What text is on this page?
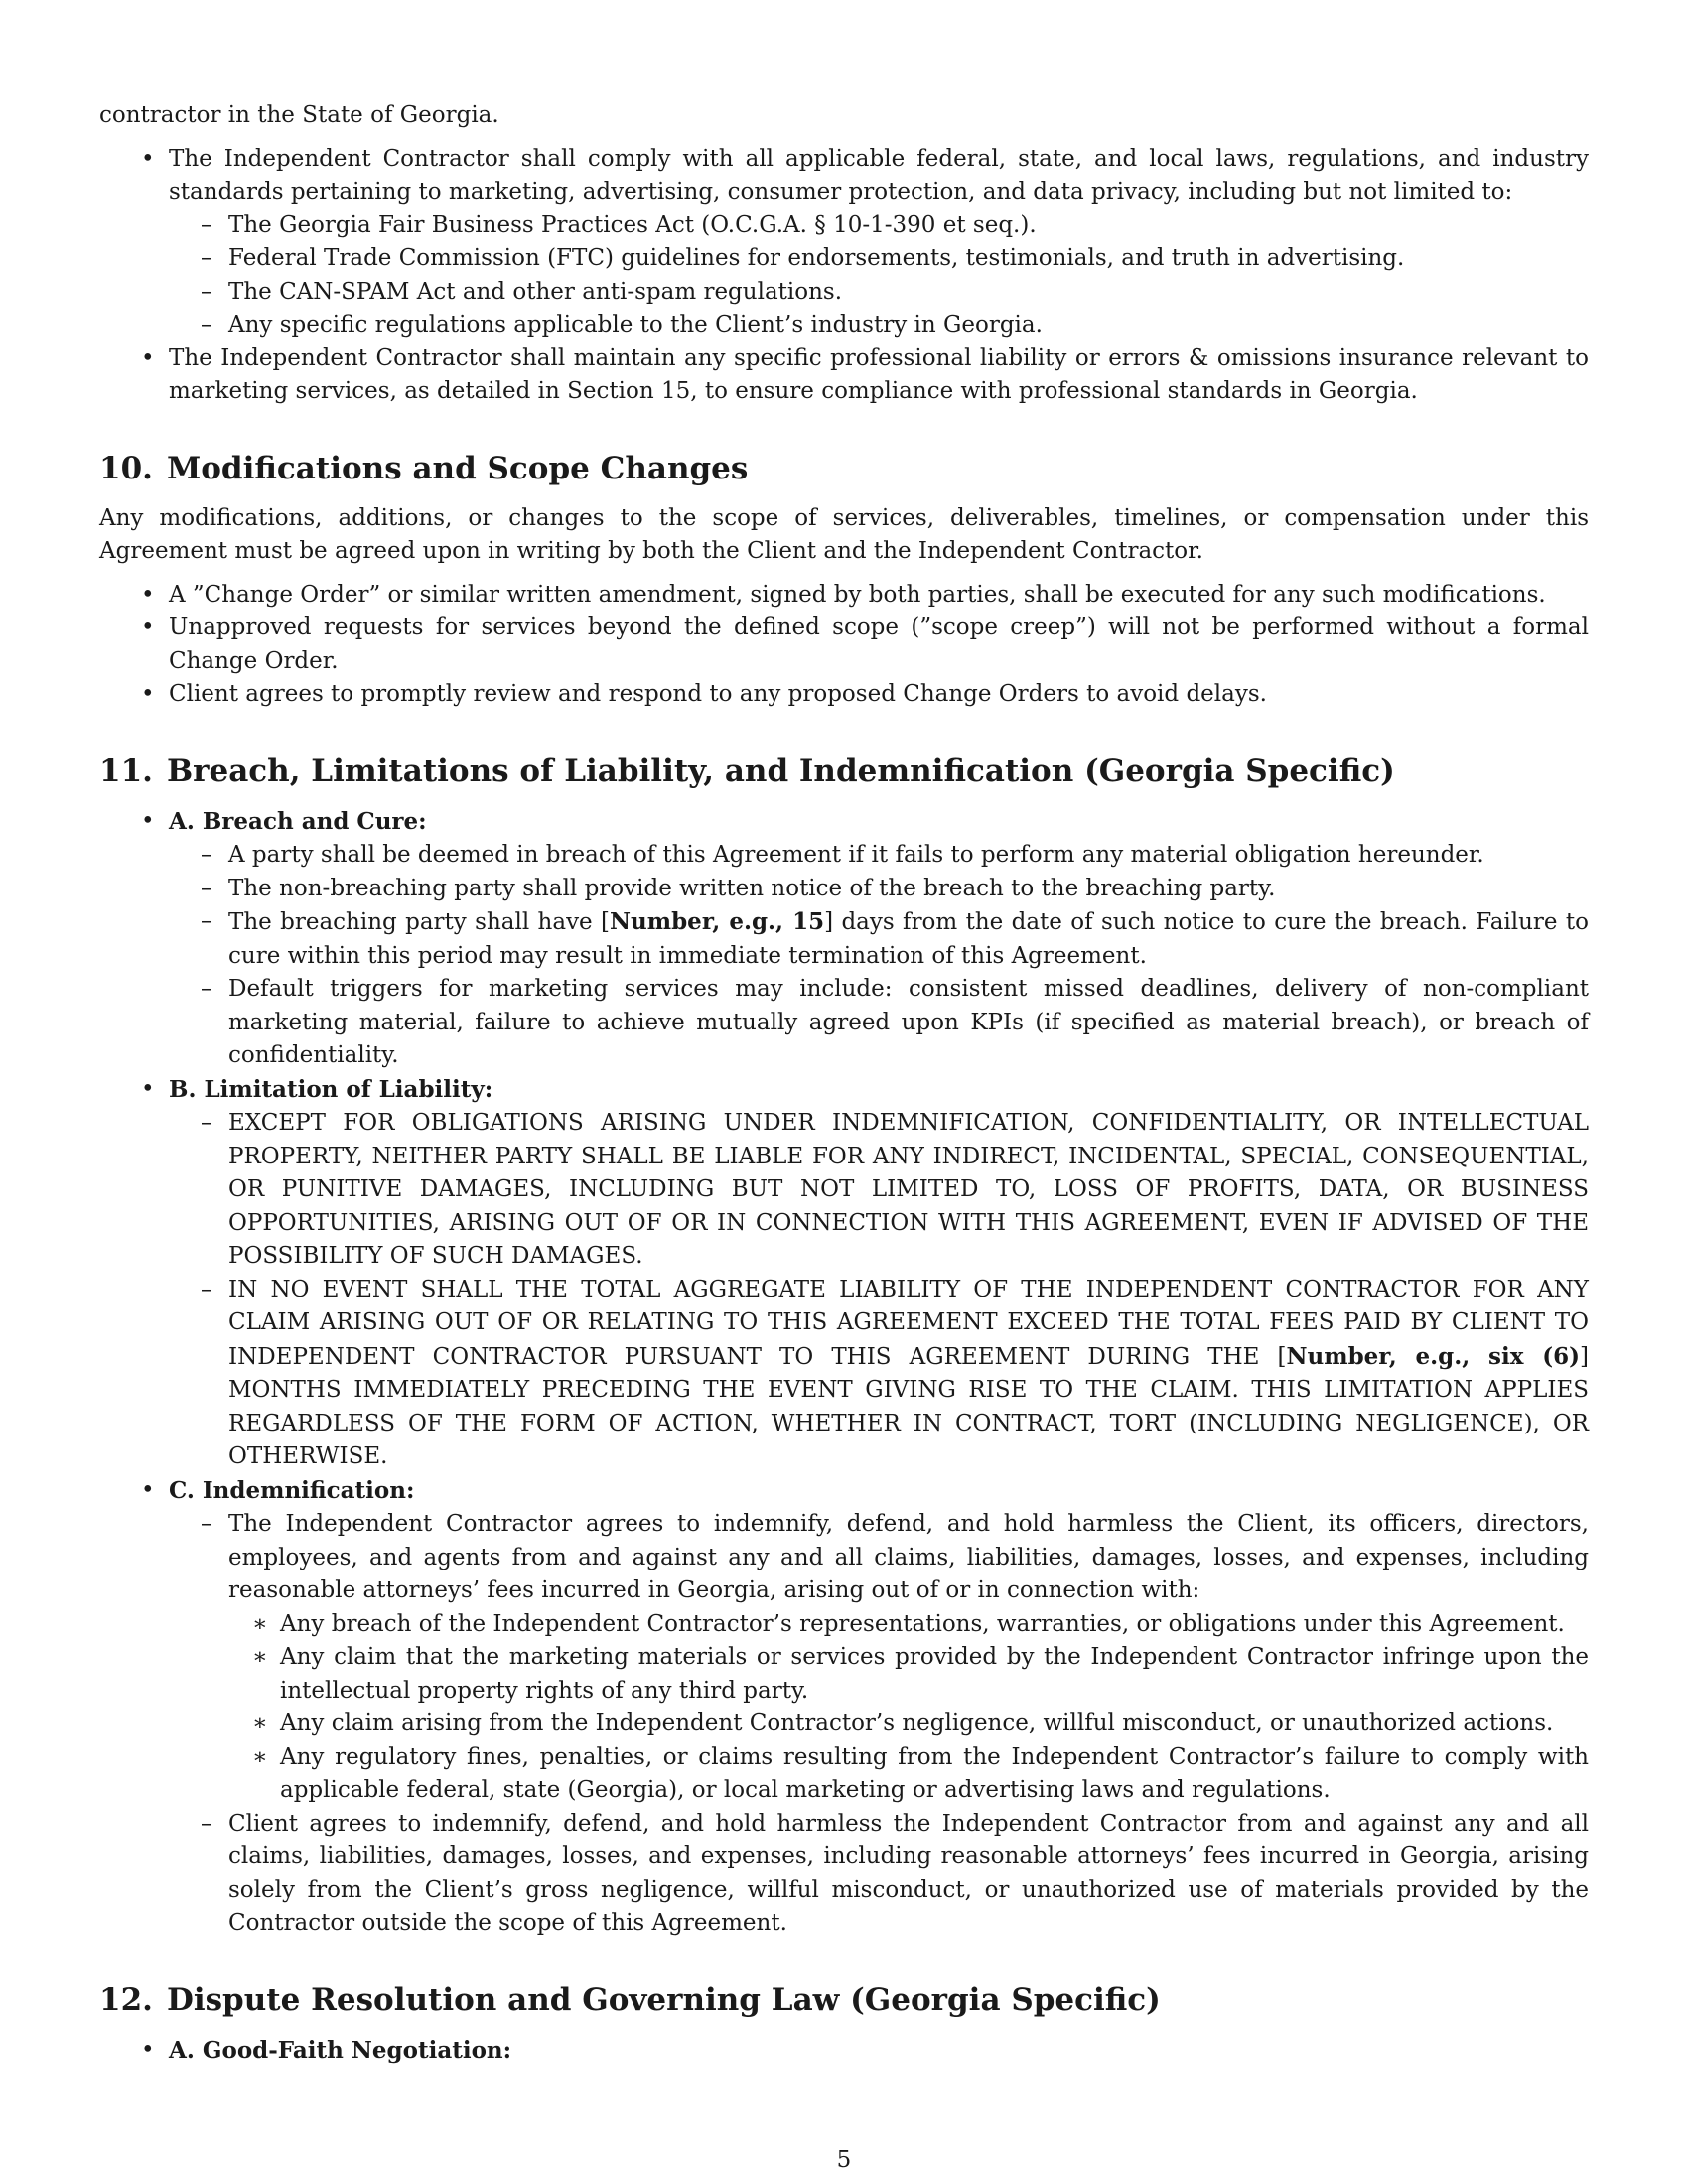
contractor in the State of Georgia.

• The Independent Contractor shall comply with all applicable federal, state, and local laws, regulations, and industry standards pertaining to marketing, advertising, consumer protection, and data privacy, including but not limited to:
– The Georgia Fair Business Practices Act (O.C.G.A. § 10-1-390 et seq.).
– Federal Trade Commission (FTC) guidelines for endorsements, testimonials, and truth in advertising.
– The CAN-SPAM Act and other anti-spam regulations.
– Any specific regulations applicable to the Client’s industry in Georgia.
• The Independent Contractor shall maintain any specific professional liability or errors & omissions insurance relevant to marketing services, as detailed in Section 15, to ensure compliance with professional standards in Georgia.
10. Modifications and Scope Changes

Any modifications, additions, or changes to the scope of services, deliverables, timelines, or compensation under this Agreement must be agreed upon in writing by both the Client and the Independent Contractor.

• A ”Change Order” or similar written amendment, signed by both parties, shall be executed for any such modifications.
• Unapproved requests for services beyond the defined scope (”scope creep”) will not be performed without a formal Change Order.
• Client agrees to promptly review and respond to any proposed Change Orders to avoid delays.
11. Breach, Limitations of Liability, and Indemnification (Georgia Specific)
• A. Breach and Cure:
– A party shall be deemed in breach of this Agreement if it fails to perform any material obligation hereunder.
– The non-breaching party shall provide written notice of the breach to the breaching party.
– The breaching party shall have [Number, e.g., 15] days from the date of such notice to cure the breach. Failure to cure within this period may result in immediate termination of this Agreement.
– Default triggers for marketing services may include: consistent missed deadlines, delivery of non-compliant marketing material, failure to achieve mutually agreed upon KPIs (if specified as material breach), or breach of confidentiality.
• B. Limitation of Liability:
– EXCEPT FOR OBLIGATIONS ARISING UNDER INDEMNIFICATION, CONFIDENTIALITY, OR INTELLECTUAL PROPERTY, NEITHER PARTY SHALL BE LIABLE FOR ANY INDIRECT, INCIDENTAL, SPECIAL, CONSEQUENTIAL, OR PUNITIVE DAMAGES, INCLUDING BUT NOT LIMITED TO, LOSS OF PROFITS, DATA, OR BUSINESS OPPORTUNITIES, ARISING OUT OF OR IN CONNECTION WITH THIS AGREEMENT, EVEN IF ADVISED OF THE POSSIBILITY OF SUCH DAMAGES.
– IN NO EVENT SHALL THE TOTAL AGGREGATE LIABILITY OF THE INDEPENDENT CONTRACTOR FOR ANY CLAIM ARISING OUT OF OR RELATING TO THIS AGREEMENT EXCEED THE TOTAL FEES PAID BY CLIENT TO INDEPENDENT CONTRACTOR PURSUANT TO THIS AGREEMENT DURING THE [Number, e.g., six (6)] MONTHS IMMEDIATELY PRECEDING THE EVENT GIVING RISE TO THE CLAIM. THIS LIMITATION APPLIES REGARDLESS OF THE FORM OF ACTION, WHETHER IN CONTRACT, TORT (INCLUDING NEGLIGENCE), OR OTHERWISE.
• C. Indemnification:
– The Independent Contractor agrees to indemnify, defend, and hold harmless the Client, its officers, directors, employees, and agents from and against any and all claims, liabilities, damages, losses, and expenses, including reasonable attorneys’ fees incurred in Georgia, arising out of or in connection with:
∗ Any breach of the Independent Contractor’s representations, warranties, or obligations under this Agreement.
∗ Any claim that the marketing materials or services provided by the Independent Contractor infringe upon the intellectual property rights of any third party.
∗ Any claim arising from the Independent Contractor’s negligence, willful misconduct, or unauthorized actions.
∗ Any regulatory fines, penalties, or claims resulting from the Independent Contractor’s failure to comply with applicable federal, state (Georgia), or local marketing or advertising laws and regulations.
– Client agrees to indemnify, defend, and hold harmless the Independent Contractor from and against any and all claims, liabilities, damages, losses, and expenses, including reasonable attorneys’ fees incurred in Georgia, arising solely from the Client’s gross negligence, willful misconduct, or unauthorized use of materials provided by the Contractor outside the scope of this Agreement.
12. Dispute Resolution and Governing Law (Georgia Specific)
• A. Good-Faith Negotiation:
5
